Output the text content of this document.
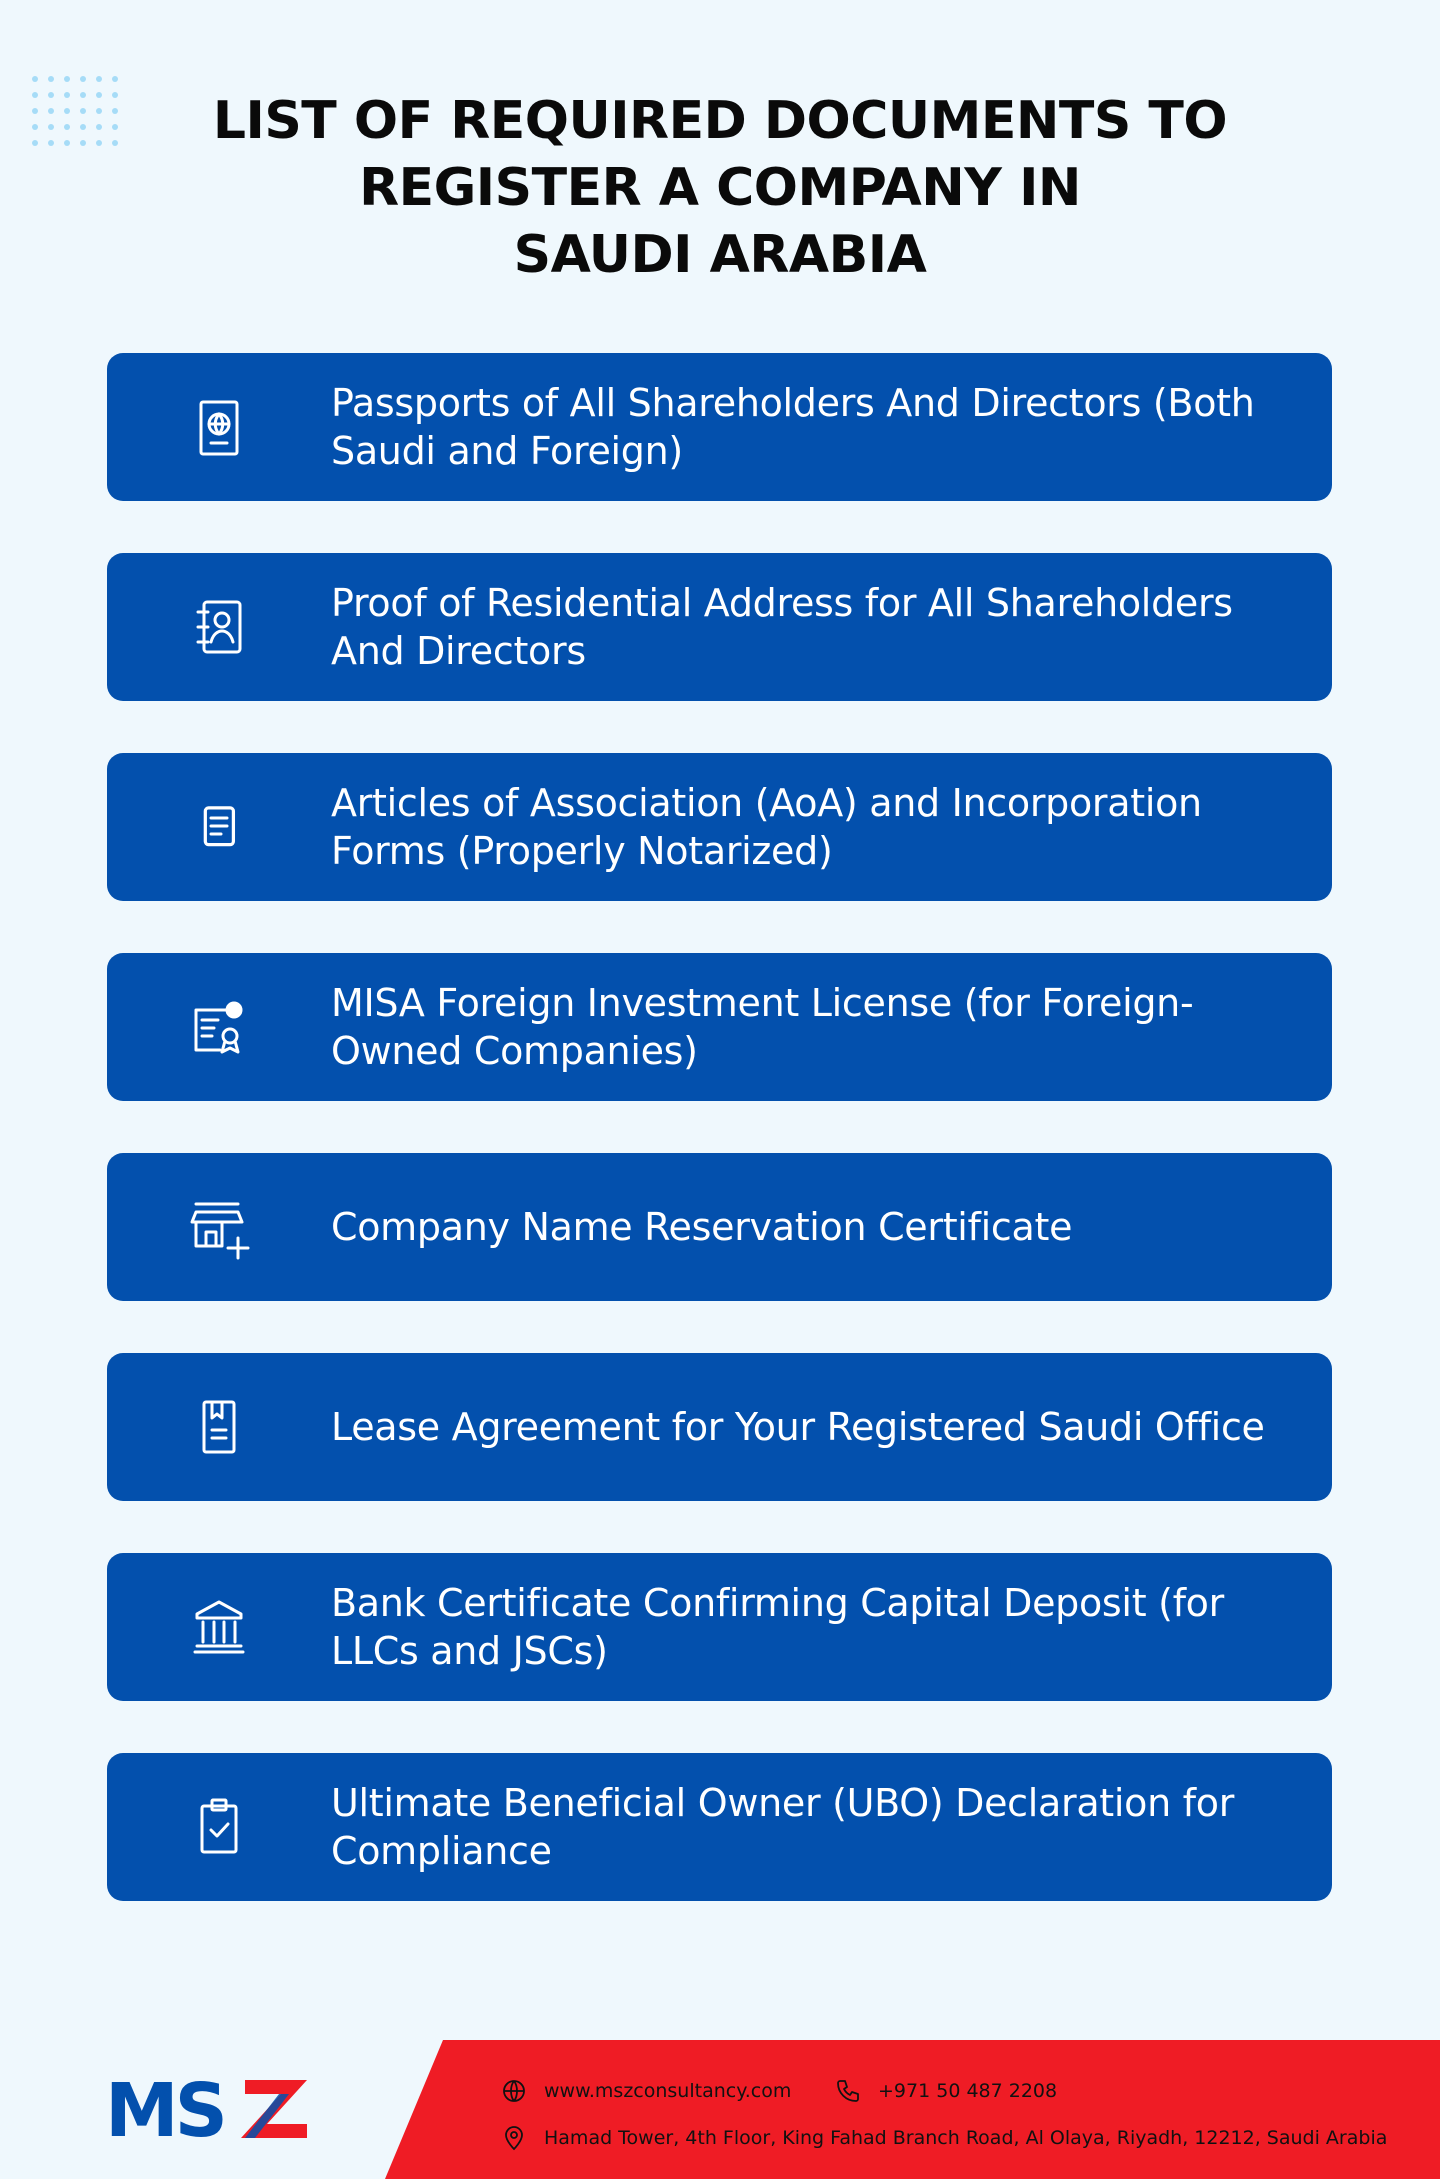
LIST OF REQUIRED DOCUMENTS TO
REGISTER A COMPANY IN
SAUDI ARABIA
Passports of All Shareholders And Directors (Both Saudi and Foreign)
Proof of Residential Address for All Shareholders And Directors
Articles of Association (AoA) and Incorporation Forms (Properly Notarized)
MISA Foreign Investment License (for Foreign-Owned Companies)
Company Name Reservation Certificate
Lease Agreement for Your Registered Saudi Office
Bank Certificate Confirming Capital Deposit (for LLCs and JSCs)
Ultimate Beneficial Owner (UBO) Declaration for Compliance
MS	www.mszconsultancy.com	+971 50 487 2208
Hamad Tower, 4th Floor, King Fahad Branch Road, Al Olaya, Riyadh, 12212, Saudi Arabia
